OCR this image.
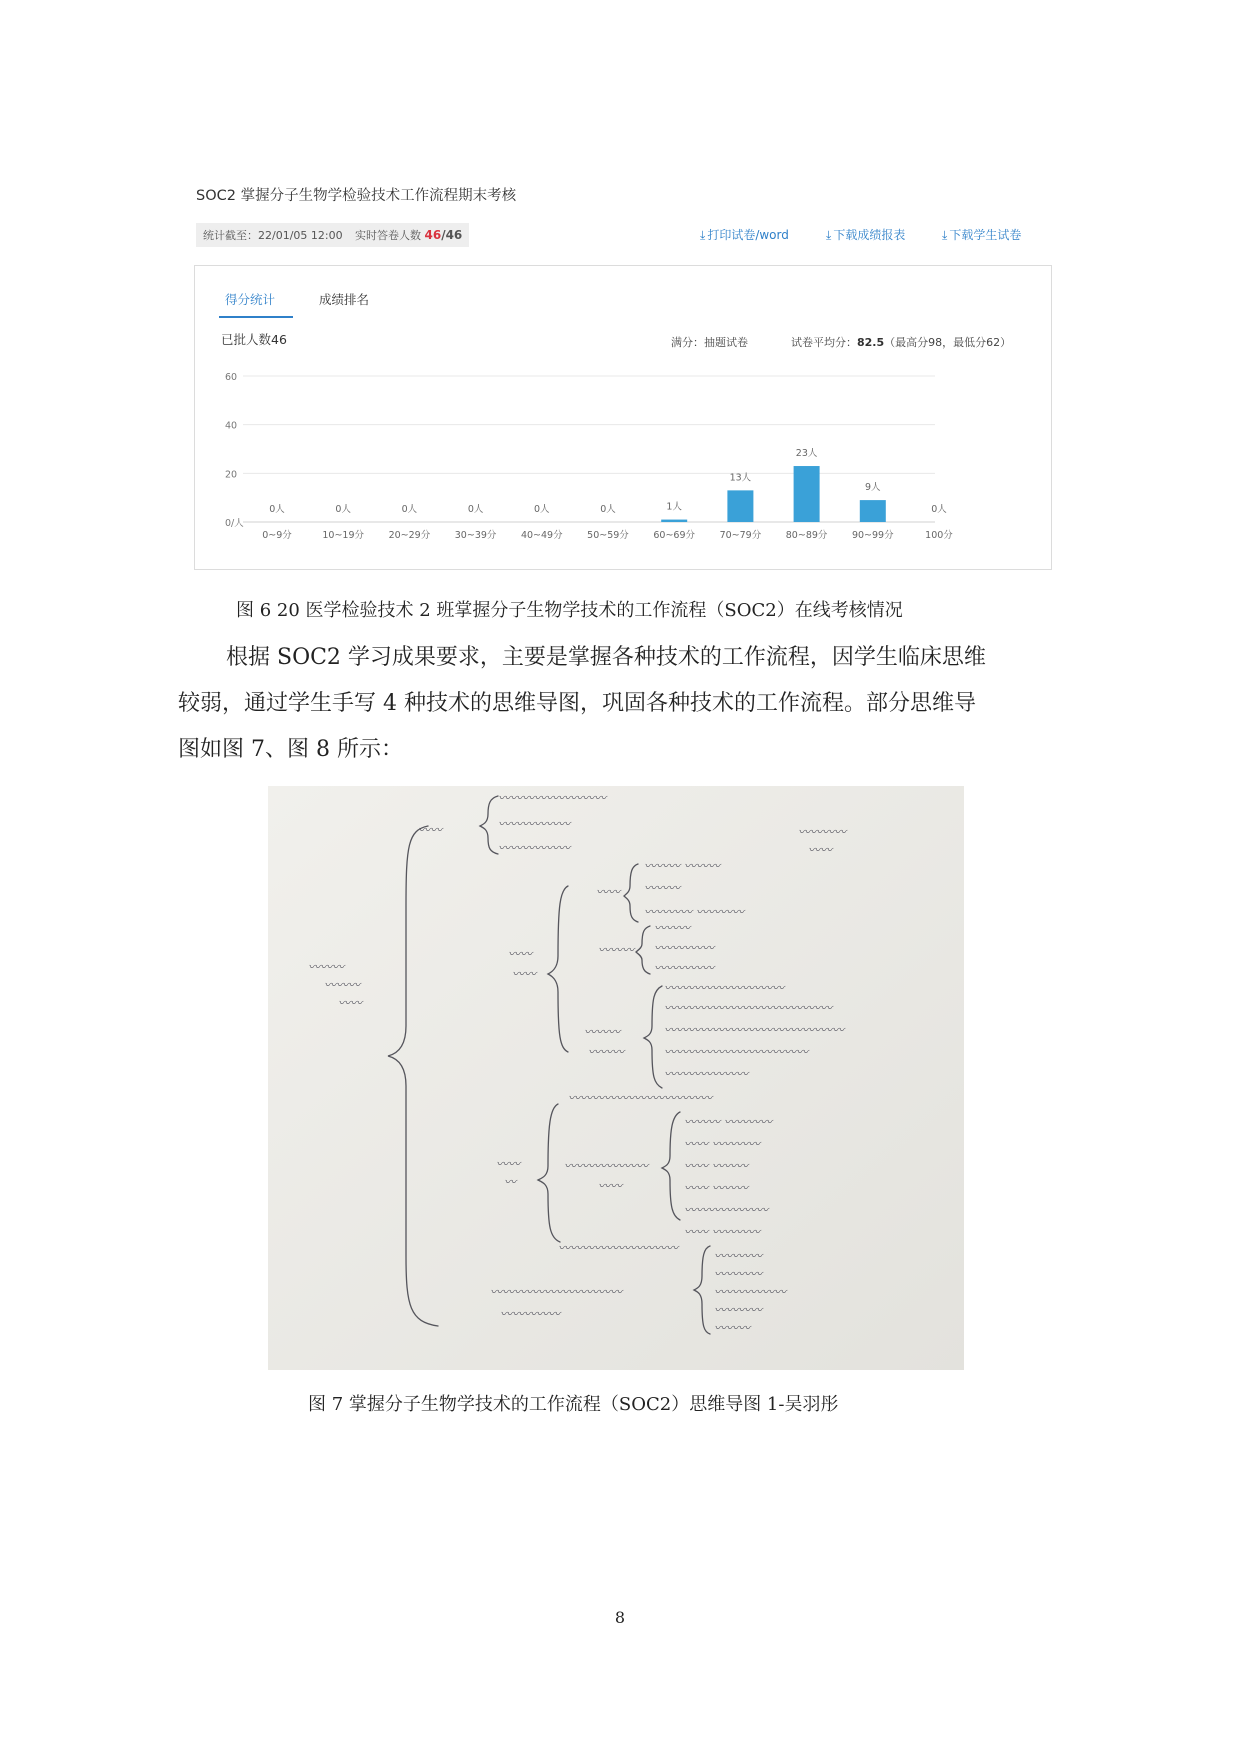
SOC2 掌握分子生物学检验技术工作流程期末考核
统计截至：22/01/05 12:00	实时答卷人数 46/46	⤓ 打印试卷/word	⤓ 下载成绩报表	⤓ 下载学生试卷
得分统计	成绩排名
已批人数46	满分：抽题试卷	试卷平均分：82.5（最高分98，最低分62）
0/人
20
40
60
0人
0~9分
0人
10~19分
0人
20~29分
0人
30~39分
0人
40~49分
0人
50~59分
1人
60~69分
13人
70~79分
23人
80~89分
9人
90~99分
0人
100分
图 6 20 医学检验技术 2 班掌握分子生物学技术的工作流程（SOC2）在线考核情况
根据 SOC2 学习成果要求，主要是掌握各种技术的工作流程，因学生临床思维
较弱，通过学生手写 4 种技术的思维导图，巩固各种技术的工作流程。部分思维导
图如图 7、图 8 所示：
〰〰〰
〰〰〰
〰〰
〰〰
〰〰〰〰〰〰〰〰〰
〰〰〰〰〰〰
〰〰〰〰〰〰
〰〰〰〰
〰〰
〰〰
〰〰
〰〰
〰〰〰 〰〰〰
〰〰〰
〰〰〰〰 〰〰〰〰
〰〰〰
〰〰〰
〰〰〰〰〰
〰〰〰〰〰
〰〰〰
〰〰〰
〰〰〰〰〰〰〰〰〰〰
〰〰〰〰〰〰〰〰〰〰〰〰〰〰
〰〰〰〰〰〰〰〰〰〰〰〰〰〰〰
〰〰〰〰〰〰〰〰〰〰〰〰
〰〰〰〰〰〰〰
〰〰〰〰〰〰〰〰〰〰〰〰
〰〰
〰
〰〰〰〰〰〰〰
〰〰
〰〰〰 〰〰〰〰
〰〰 〰〰〰〰
〰〰 〰〰〰
〰〰 〰〰〰
〰〰〰〰〰〰〰
〰〰 〰〰〰〰
〰〰〰〰〰〰〰〰〰〰
〰〰〰〰
〰〰〰〰
〰〰〰〰〰〰
〰〰〰〰
〰〰〰
〰〰〰〰〰〰〰〰〰〰〰
〰〰〰〰〰
图 7 掌握分子生物学技术的工作流程（SOC2）思维导图 1-吴羽彤
8
